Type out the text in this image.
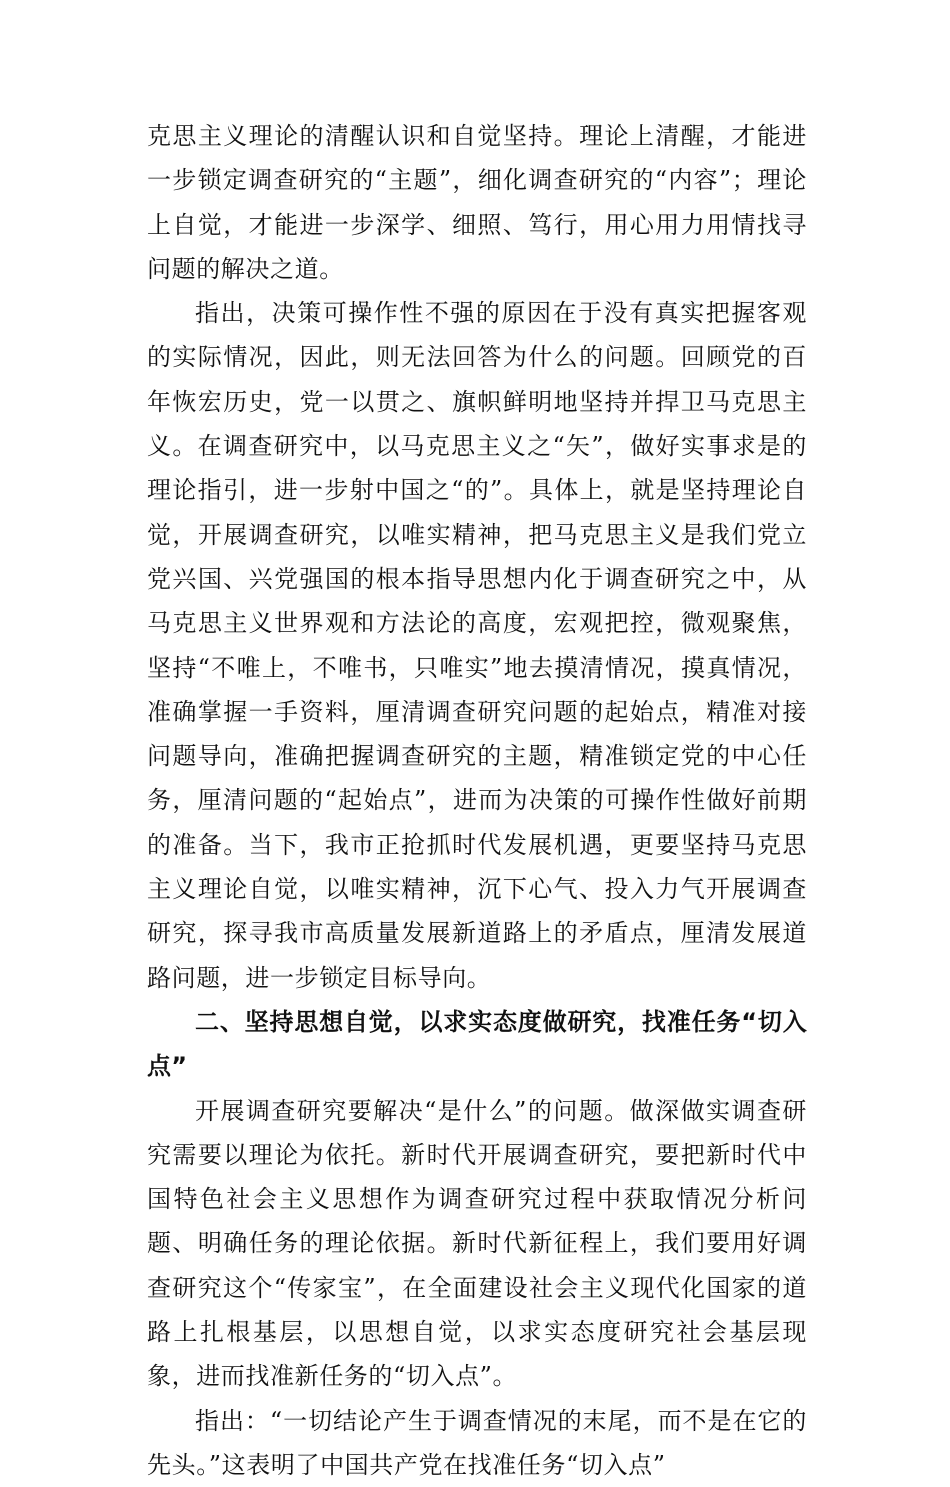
克思主义理论的清醒认识和自觉坚持。理论上清醒，才能进一步锁定调查研究的“主题”，细化调查研究的“内容”；理论上自觉，才能进一步深学、细照、笃行，用心用力用情找寻问题的解决之道。

指出，决策可操作性不强的原因在于没有真实把握客观的实际情况，因此，则无法回答为什么的问题。回顾党的百年恢宏历史，党一以贯之、旗帜鲜明地坚持并捍卫马克思主义。在调查研究中，以马克思主义之“矢”，做好实事求是的理论指引，进一步射中国之“的”。具体上，就是坚持理论自觉，开展调查研究，以唯实精神，把马克思主义是我们党立党兴国、兴党强国的根本指导思想内化于调查研究之中，从马克思主义世界观和方法论的高度，宏观把控，微观聚焦，坚持“不唯上，不唯书，只唯实”地去摸清情况，摸真情况，准确掌握一手资料，厘清调查研究问题的起始点，精准对接问题导向，准确把握调查研究的主题，精准锁定党的中心任务，厘清问题的“起始点”，进而为决策的可操作性做好前期的准备。当下，我市正抢抓时代发展机遇，更要坚持马克思主义理论自觉，以唯实精神，沉下心气、投入力气开展调查研究，探寻我市高质量发展新道路上的矛盾点，厘清发展道路问题，进一步锁定目标导向。

二、坚持思想自觉，以求实态度做研究，找准任务“切入点”

开展调查研究要解决“是什么”的问题。做深做实调查研究需要以理论为依托。新时代开展调查研究，要把新时代中国特色社会主义思想作为调查研究过程中获取情况分析问题、明确任务的理论依据。新时代新征程上，我们要用好调查研究这个“传家宝”，在全面建设社会主义现代化国家的道路上扎根基层，以思想自觉，以求实态度研究社会基层现象，进而找准新任务的“切入点”。

指出：“一切结论产生于调查情况的末尾，而不是在它的先头。”这表明了中国共产党在找准任务“切入点”
